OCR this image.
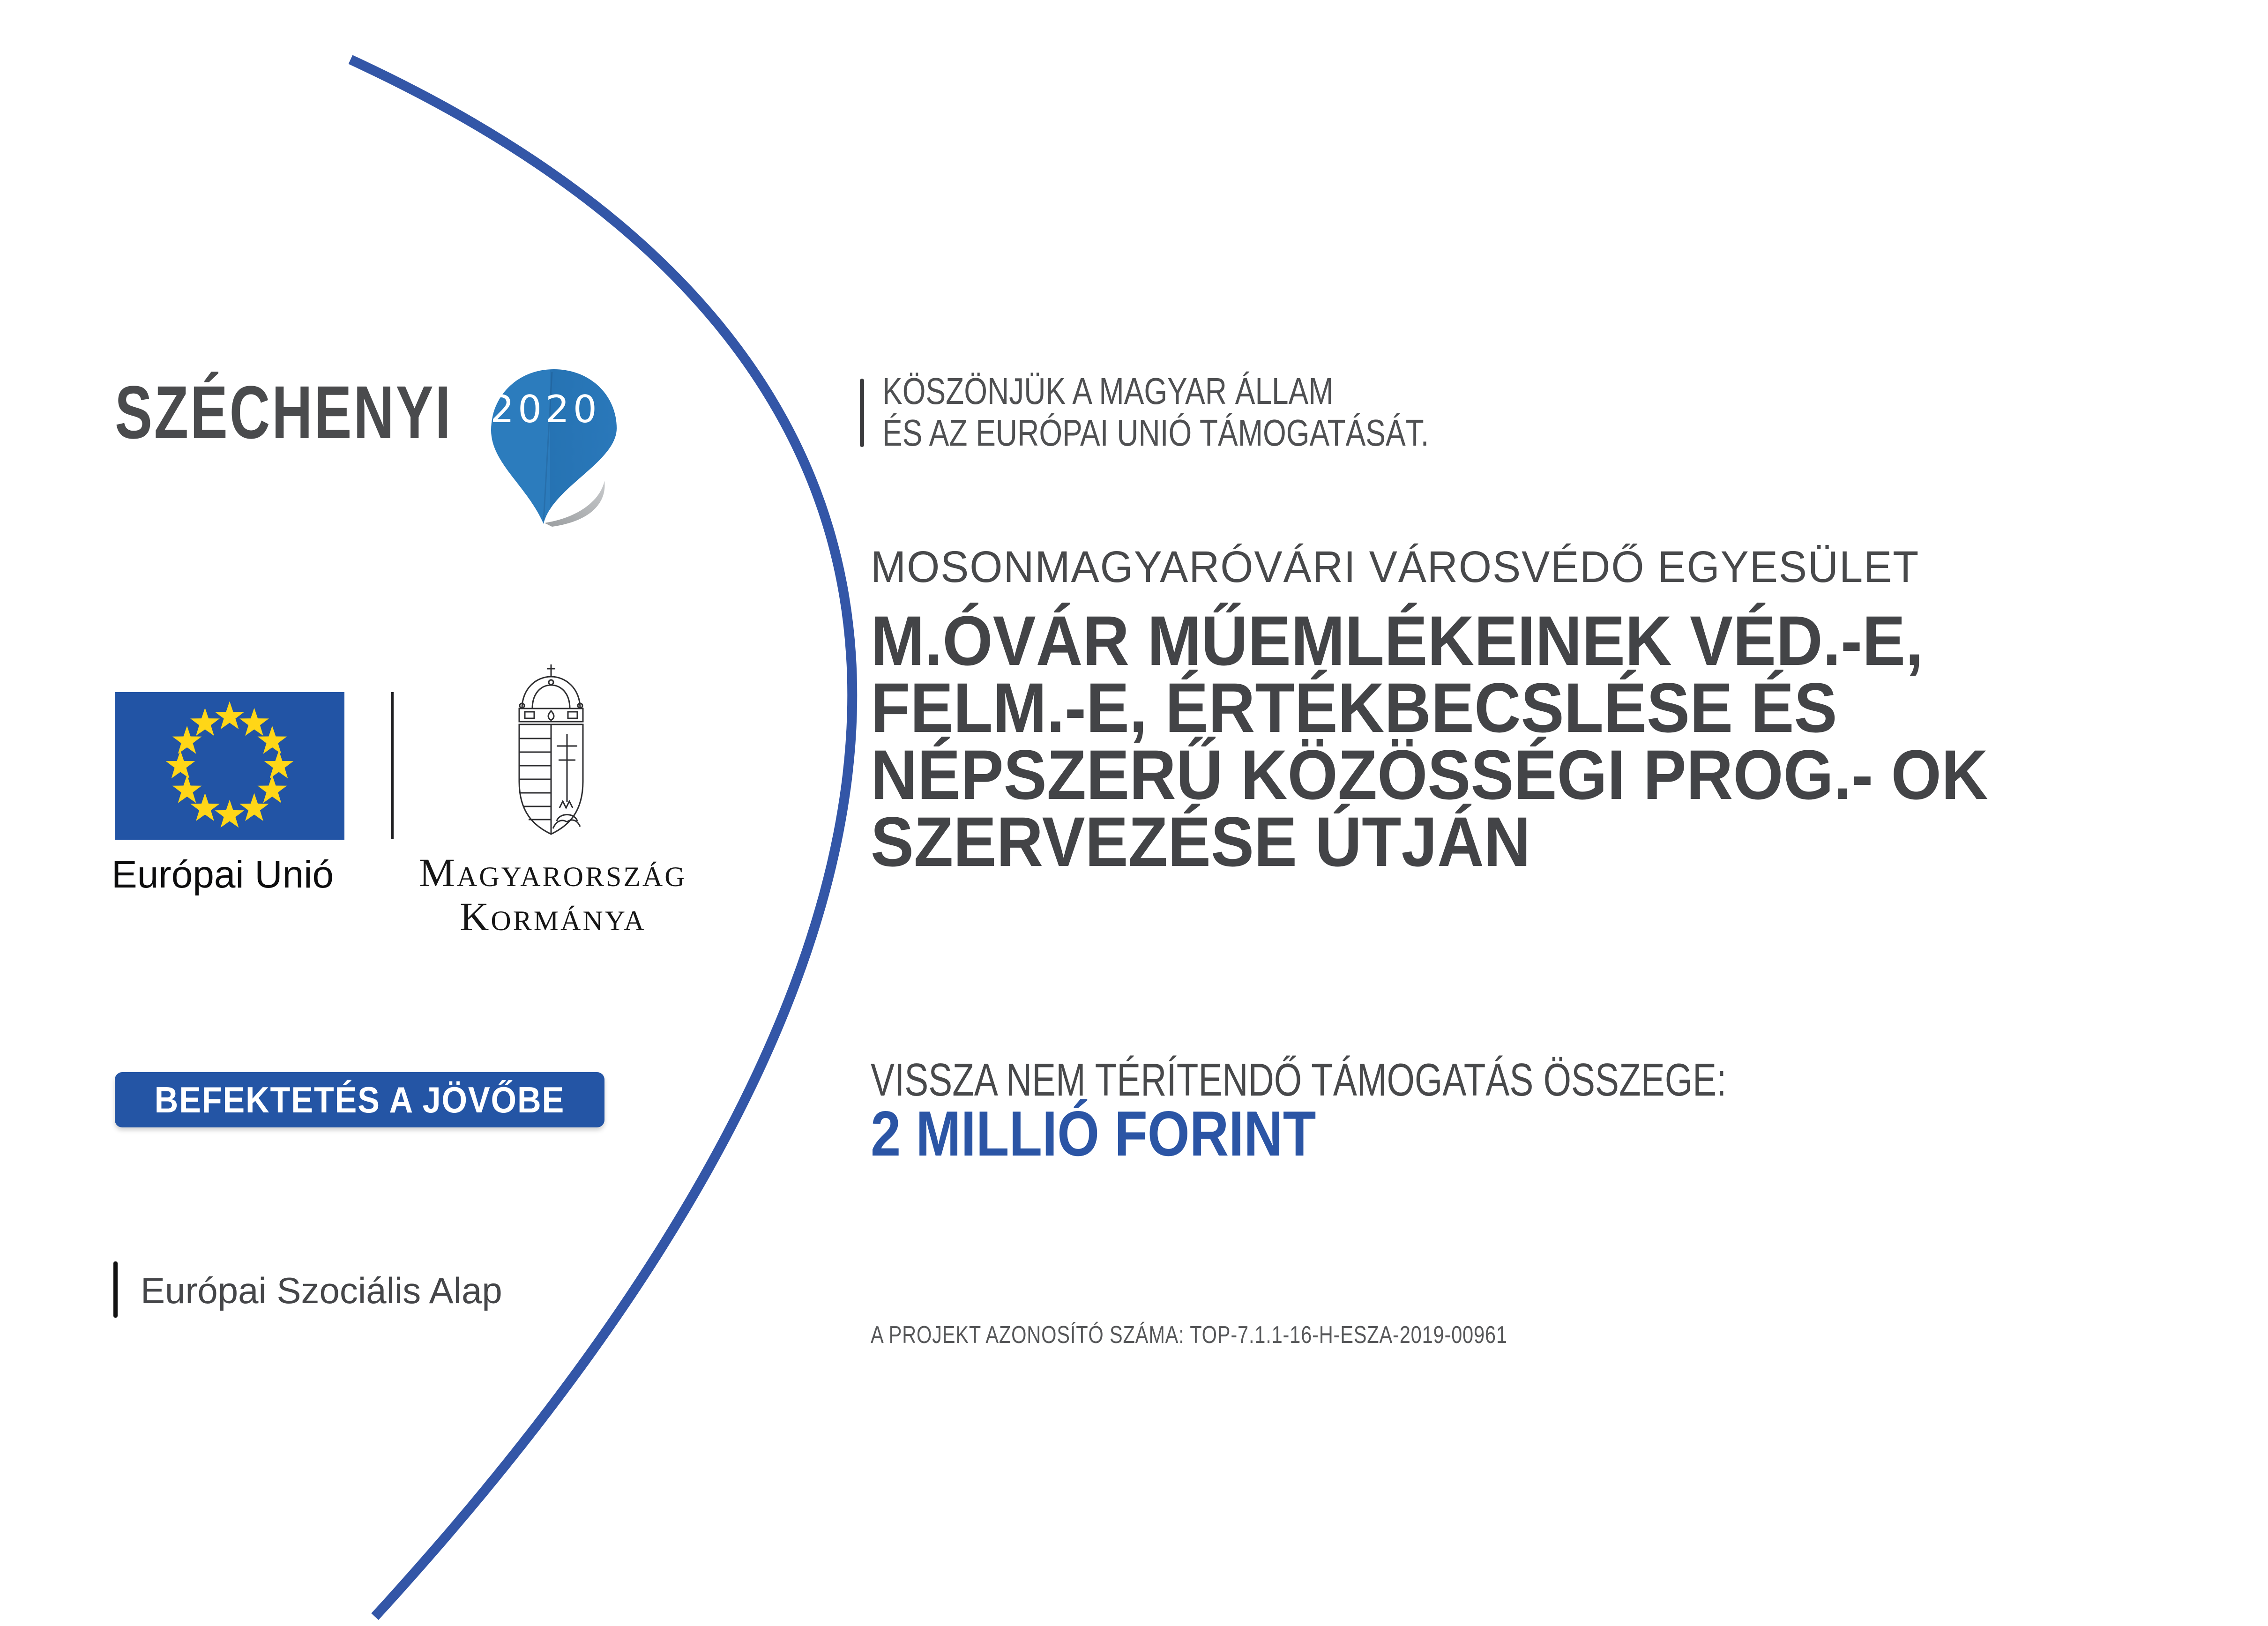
SZÉCHENYI	2020
Európai Unió Magyarország
Kormánya
BEFEKTETÉS A JÖVŐBE
Európai Szociális Alap
KÖSZÖNJÜK A MAGYAR ÁLLAM
ÉS AZ EURÓPAI UNIÓ TÁMOGATÁSÁT.
MOSONMAGYARÓVÁRI VÁROSVÉDŐ EGYESÜLET
M.ÓVÁR MŰEMLÉKEINEK VÉD.-E,
FELM.-E, ÉRTÉKBECSLÉSE ÉS
NÉPSZERŰ KÖZÖSSÉGI PROG.- OK
SZERVEZÉSE ÚTJÁN
VISSZA NEM TÉRÍTENDŐ TÁMOGATÁS ÖSSZEGE:
2 MILLIÓ FORINT
A PROJEKT AZONOSÍTÓ SZÁMA: TOP-7.1.1-16-H-ESZA-2019-00961
